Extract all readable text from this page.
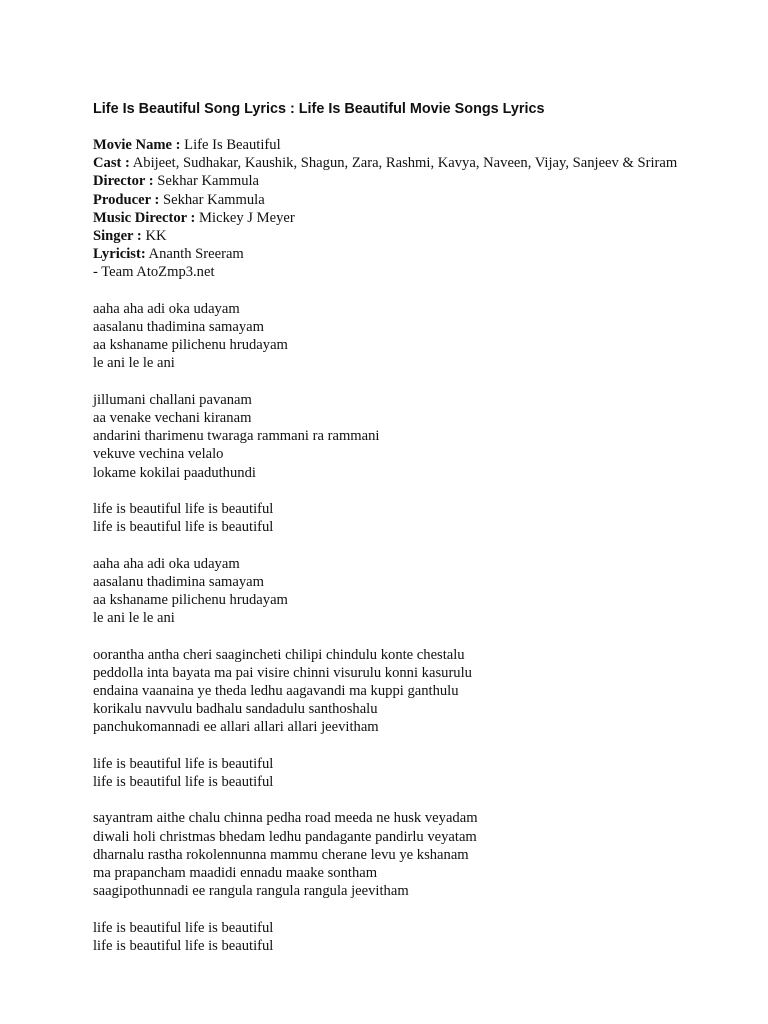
Life Is Beautiful Song Lyrics : Life Is Beautiful Movie Songs Lyrics
Movie Name : Life Is Beautiful
Cast : Abijeet, Sudhakar, Kaushik, Shagun, Zara, Rashmi, Kavya, Naveen, Vijay, Sanjeev & Sriram
Director : Sekhar Kammula
Producer : Sekhar Kammula
Music Director : Mickey J Meyer
Singer : KK
Lyricist: Ananth Sreeram
- Team AtoZmp3.net
aaha aha adi oka udayam
aasalanu thadimina samayam
aa kshaname pilichenu hrudayam
le ani le le ani
jillumani challani pavanam
aa venake vechani kiranam
andarini tharimenu twaraga rammani ra rammani
vekuve vechina velalo
lokame kokilai paaduthundi
life is beautiful life is beautiful
life is beautiful life is beautiful
aaha aha adi oka udayam
aasalanu thadimina samayam
aa kshaname pilichenu hrudayam
le ani le le ani
oorantha antha cheri saagincheti chilipi chindulu konte chestalu
peddolla inta bayata ma pai visire chinni visurulu konni kasurulu
endaina vaanaina ye theda ledhu aagavandi ma kuppi ganthulu
korikalu navvulu badhalu sandadulu santhoshalu
panchukomannadi ee allari allari allari jeevitham
life is beautiful life is beautiful
life is beautiful life is beautiful
sayantram aithe chalu chinna pedha road meeda ne husk veyadam
diwali holi christmas bhedam ledhu pandagante pandirlu veyatam
dharnalu rastha rokolennunna mammu cherane levu ye kshanam
ma prapancham maadidi ennadu maake sontham
saagipothunnadi ee rangula rangula rangula jeevitham
life is beautiful life is beautiful
life is beautiful life is beautiful
